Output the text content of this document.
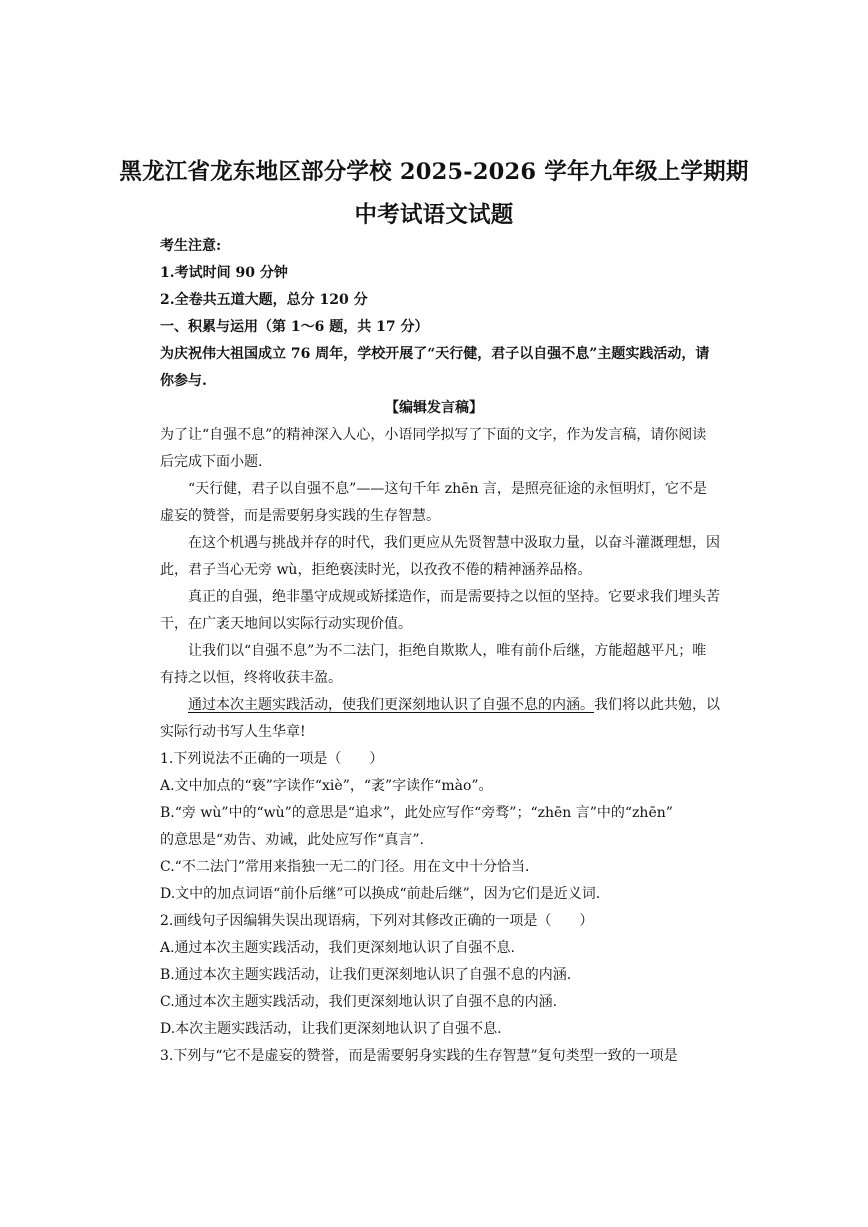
黑龙江省龙东地区部分学校 2025-2026 学年九年级上学期期
中考试语文试题
考生注意:
1.考试时间 90 分钟
2.全卷共五道大题，总分 120 分
一、积累与运用（第 1～6 题，共 17 分）
为庆祝伟大祖国成立 76 周年，学校开展了“天行健，君子以自强不息”主题实践活动，请
你参与.
【编辑发言稿】
为了让“自强不息”的精神深入人心，小语同学拟写了下面的文字，作为发言稿，请你阅读
后完成下面小题.
“天行健，君子以自强不息”——这句千年 zhēn 言，是照亮征途的永恒明灯，它不是
虚妄的赞誉，而是需要躬身实践的生存智慧。
在这个机遇与挑战并存的时代，我们更应从先贤智慧中汲取力量，以奋斗灌溉理想，因
此，君子当心无旁 wù，拒绝亵渎时光，以孜孜不倦的精神涵养品格。
真正的自强，绝非墨守成规或矫揉造作，而是需要持之以恒的坚持。它要求我们埋头苦
干，在广袤天地间以实际行动实现价值。
让我们以“自强不息”为不二法门，拒绝自欺欺人，唯有前仆后继，方能超越平凡；唯
有持之以恒，终将收获丰盈。
通过本次主题实践活动，使我们更深刻地认识了自强不息的内涵。我们将以此共勉，以
实际行动书写人生华章!
1.下列说法不正确的一项是（　　）
A.文中加点的“亵”字读作“xiè”，“袤”字读作“mào”。
B.“旁 wù”中的“wù”的意思是“追求”，此处应写作“旁骛”；“zhēn 言”中的“zhēn”
的意思是“劝告、劝诫，此处应写作“真言”.
C.“不二法门”常用来指独一无二的门径。用在文中十分恰当.
D.文中的加点词语“前仆后继”可以换成“前赴后继”，因为它们是近义词.
2.画线句子因编辑失误出现语病，下列对其修改正确的一项是（　　）
A.通过本次主题实践活动，我们更深刻地认识了自强不息.
B.通过本次主题实践活动，让我们更深刻地认识了自强不息的内涵.
C.通过本次主题实践活动，我们更深刻地认识了自强不息的内涵.
D.本次主题实践活动，让我们更深刻地认识了自强不息.
3.下列与“它不是虚妄的赞誉，而是需要躬身实践的生存智慧”复句类型一致的一项是
